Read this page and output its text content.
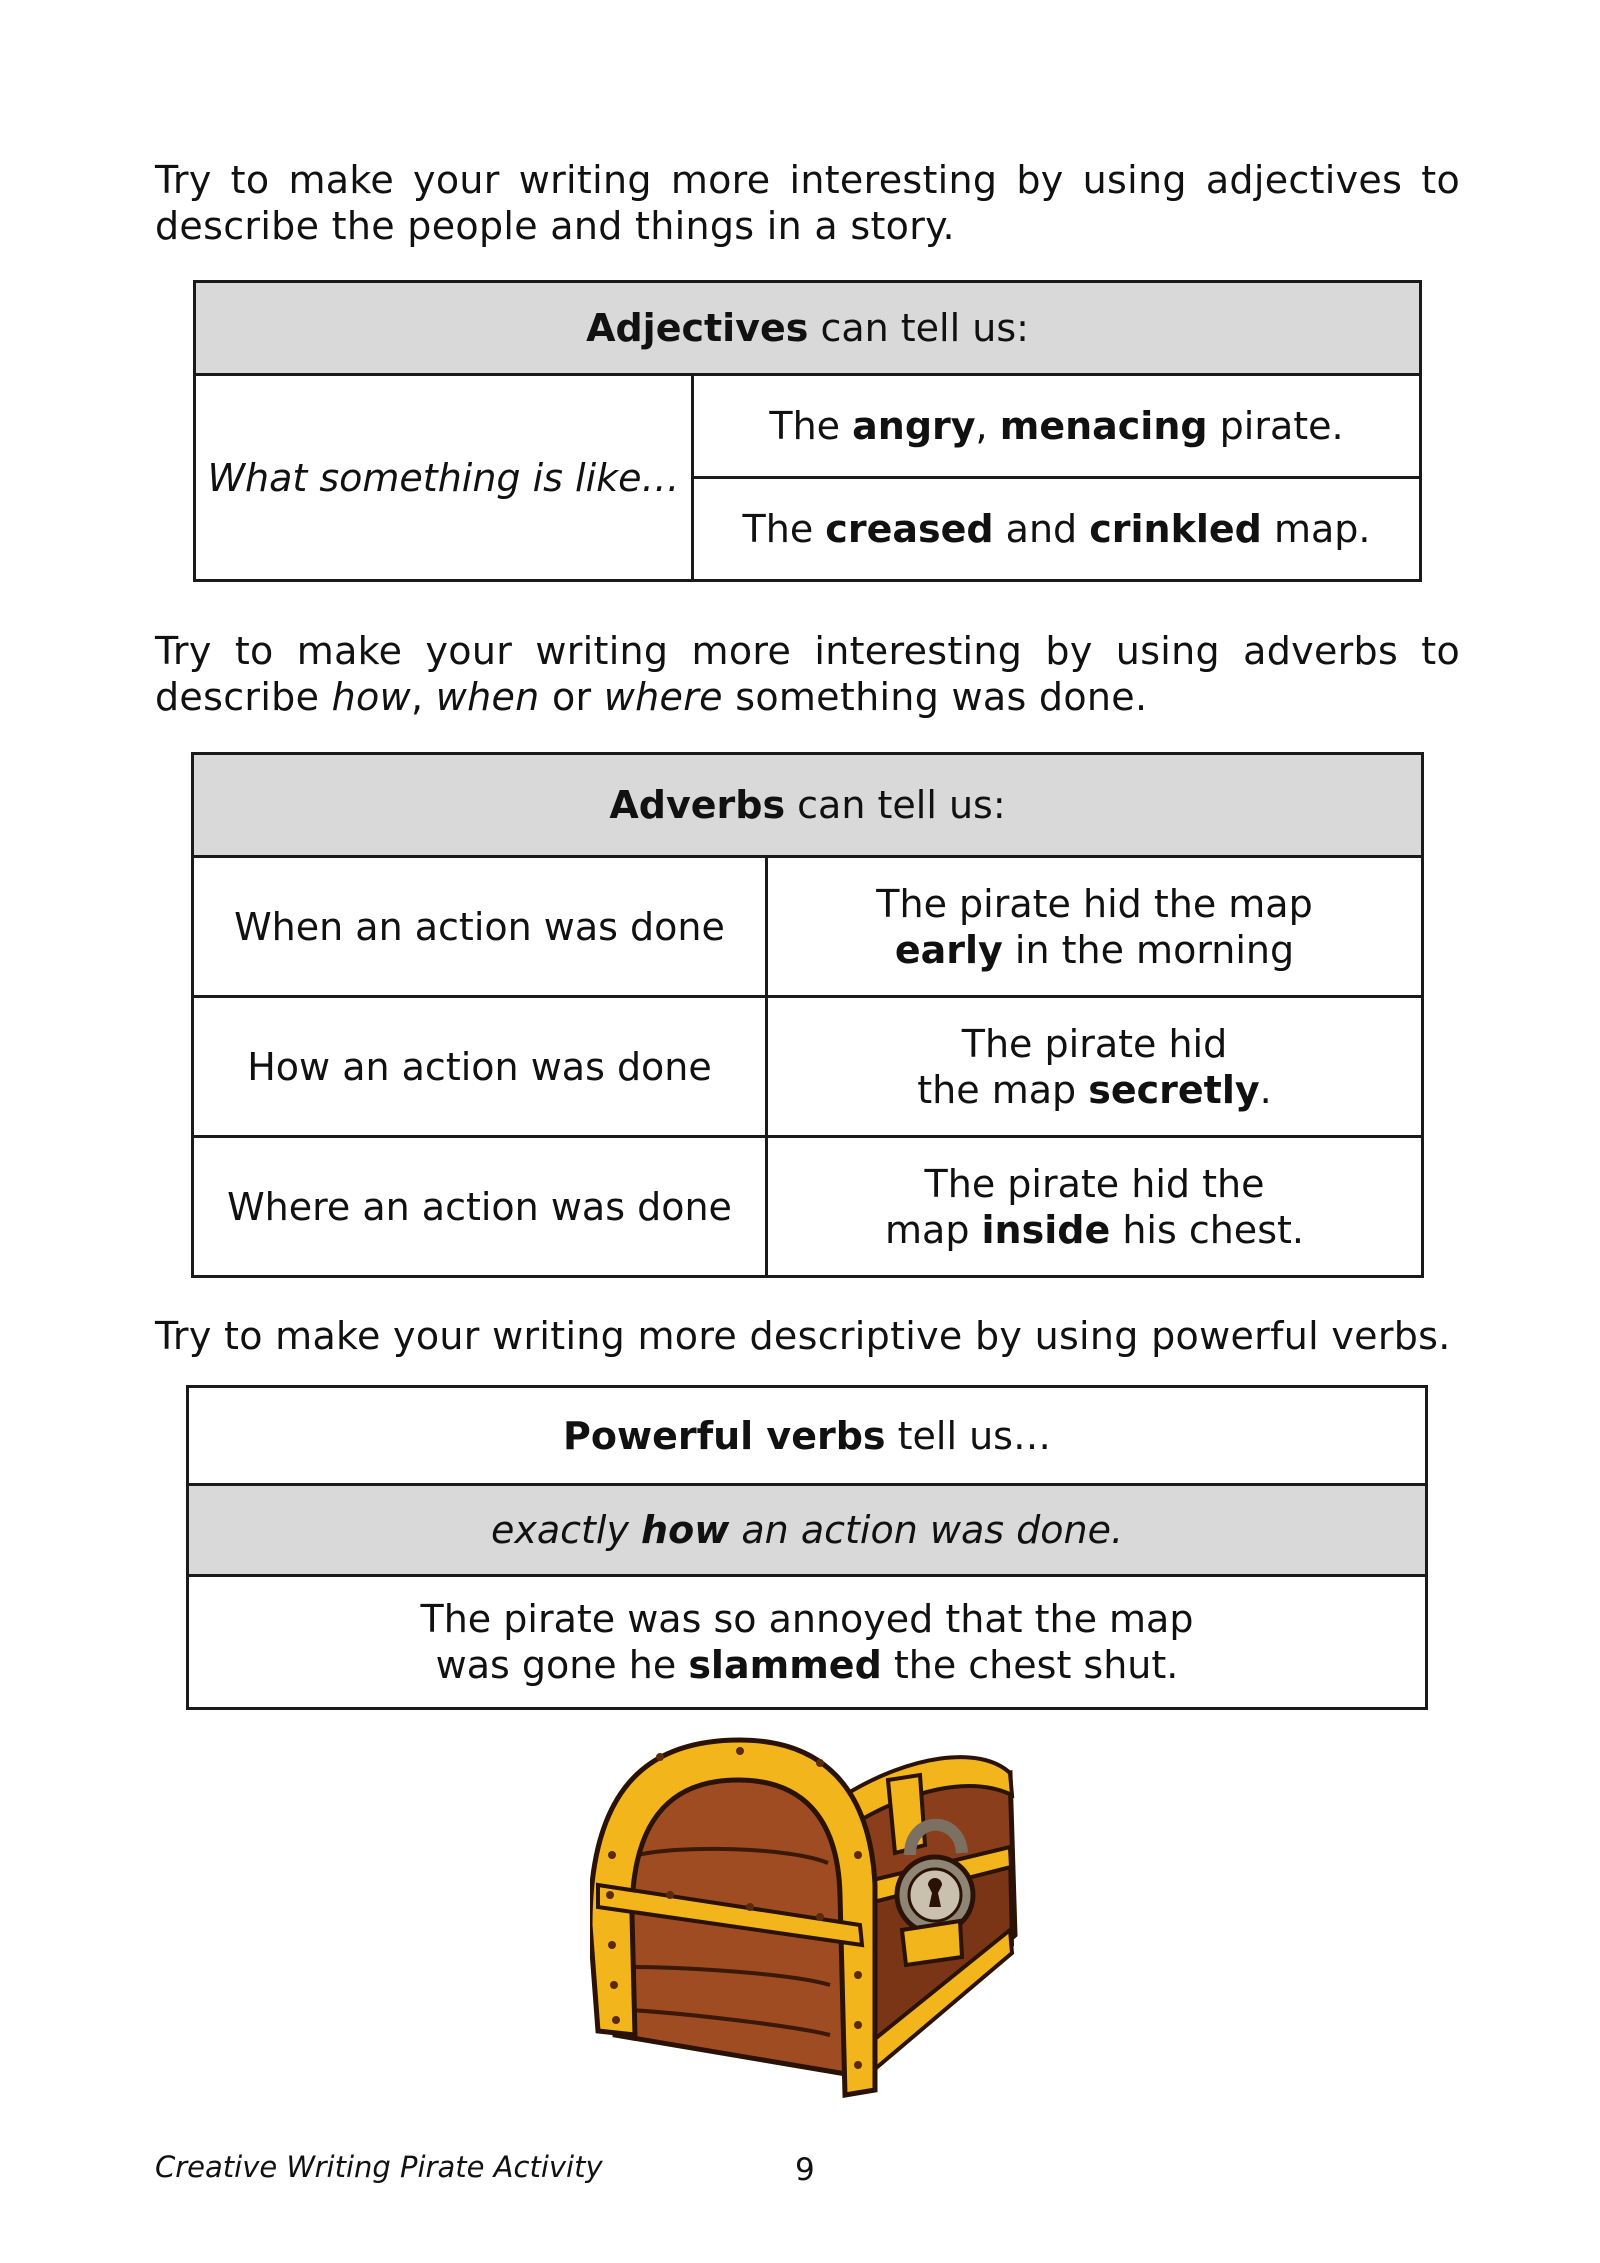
Try to make your writing more interesting by using adjectives to
describe the people and things in a story.
Adjectives can tell us:
What something is like…	The angry, menacing pirate.
The creased and crinkled map.
Try to make your writing more interesting by using adverbs to
describe how, when or where something was done.
Adverbs can tell us:	
When an action was done	The pirate hid the map
early in the morning

How an action was done	The pirate hid
the map secretly.

Where an action was done	The pirate hid the
map inside his chest.
Try to make your writing more descriptive by using powerful verbs.
Powerful verbs tell us…
exactly how an action was done.

The pirate was so annoyed that the map
was gone he slammed the chest shut.
Creative Writing Pirate Activity	9
